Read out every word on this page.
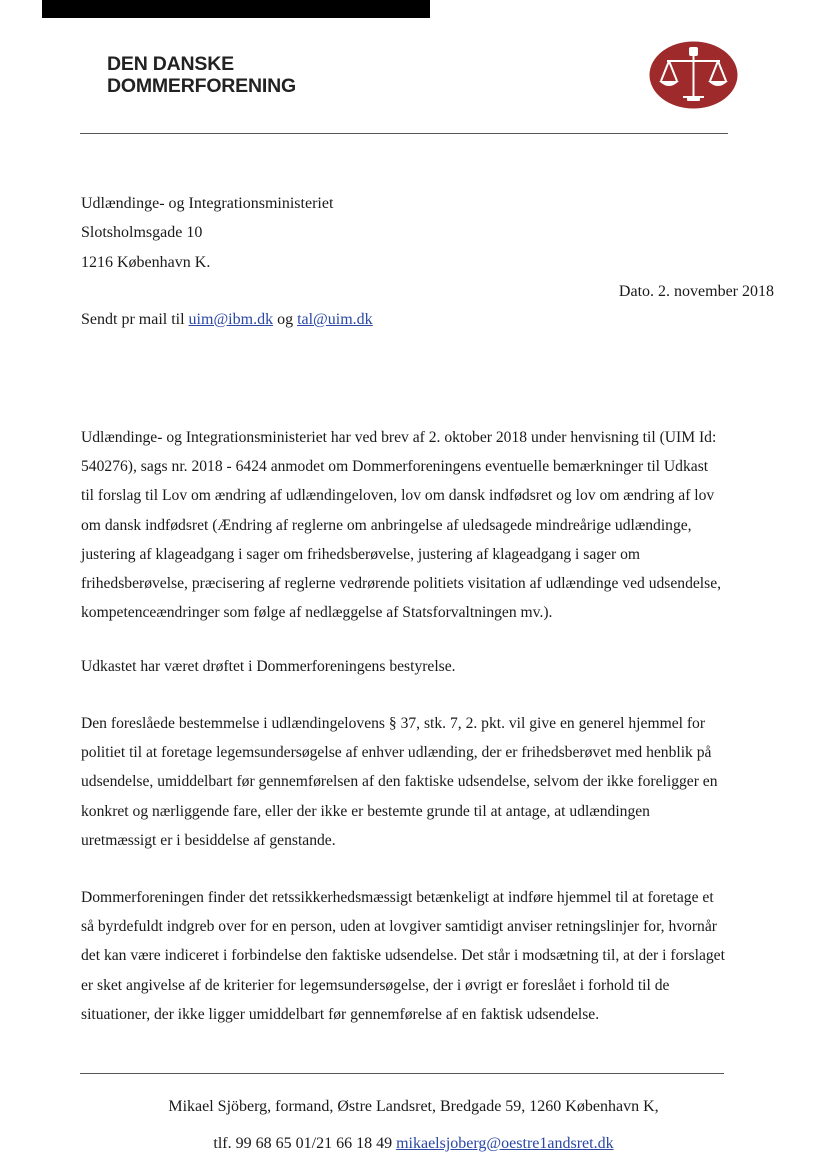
DEN DANSKE
DOMMERFORENING
Udlændinge- og Integrationsministeriet
Slotsholmsgade 10
1216 København K.
Dato. 2. november 2018
Sendt pr mail til uim@ibm.dk og tal@uim.dk
Udlændinge- og Integrationsministeriet har ved brev af 2. oktober 2018 under henvisning til (UIM Id:
540276), sags nr. 2018 - 6424 anmodet om Dommerforeningens eventuelle bemærkninger til Udkast
til forslag til Lov om ændring af udlændingeloven, lov om dansk indfødsret og lov om ændring af lov
om dansk indfødsret (Ændring af reglerne om anbringelse af uledsagede mindreårige udlændinge,
justering af klageadgang i sager om frihedsberøvelse, justering af klageadgang i sager om
frihedsberøvelse, præcisering af reglerne vedrørende politiets visitation af udlændinge ved udsendelse,
kompetenceændringer som følge af nedlæggelse af Statsforvaltningen mv.).
Udkastet har været drøftet i Dommerforeningens bestyrelse.
Den foreslåede bestemmelse i udlændingelovens § 37, stk. 7, 2. pkt. vil give en generel hjemmel for
politiet til at foretage legemsundersøgelse af enhver udlænding, der er frihedsberøvet med henblik på
udsendelse, umiddelbart før gennemførelsen af den faktiske udsendelse, selvom der ikke foreligger en
konkret og nærliggende fare, eller der ikke er bestemte grunde til at antage, at udlændingen
uretmæssigt er i besiddelse af genstande.
Dommerforeningen finder det retssikkerhedsmæssigt betænkeligt at indføre hjemmel til at foretage et
så byrdefuldt indgreb over for en person, uden at lovgiver samtidigt anviser retningslinjer for, hvornår
det kan være indiceret i forbindelse den faktiske udsendelse. Det står i modsætning til, at der i forslaget
er sket angivelse af de kriterier for legemsundersøgelse, der i øvrigt er foreslået i forhold til de
situationer, der ikke ligger umiddelbart før gennemførelse af en faktisk udsendelse.
Mikael Sjöberg, formand, Østre Landsret, Bredgade 59, 1260 København K,
tlf. 99 68 65 01/21 66 18 49 mikaelsjoberg@oestre1andsret.dk
